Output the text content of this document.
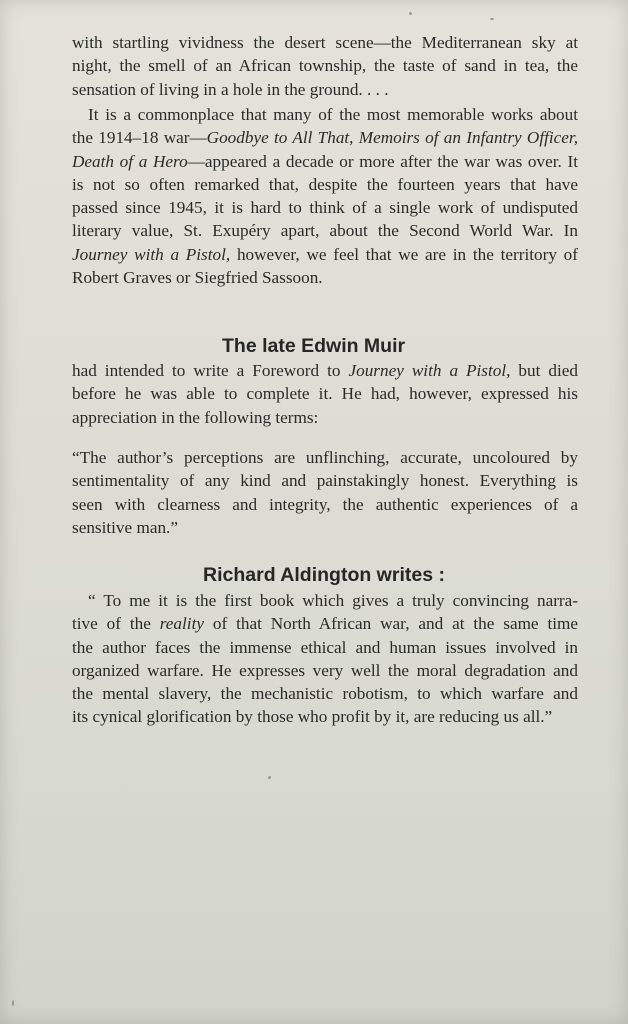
with startling vividness the desert scene—the Mediterranean sky at
night, the smell of an African township, the taste of sand in tea, the
sensation of living in a hole in the ground. . . .

It is a commonplace that many of the most memorable works about
the 1914–18 war—Goodbye to All That, Memoirs of an Infantry Officer,
Death of a Hero—appeared a decade or more after the war was over. It
is not so often remarked that, despite the fourteen years that have
passed since 1945, it is hard to think of a single work of undisputed
literary value, St. Exupéry apart, about the Second World War. In
Journey with a Pistol, however, we feel that we are in the territory of
Robert Graves or Siegfried Sassoon.

The late Edwin Muir

had intended to write a Foreword to Journey with a Pistol, but died
before he was able to complete it. He had, however, expressed his
appreciation in the following terms:

“The author’s perceptions are unflinching, accurate, uncoloured by
sentimentality of any kind and painstakingly honest. Everything is
seen with clearness and integrity, the authentic experiences of a
sensitive man.”

Richard Aldington writes :

“ To me it is the first book which gives a truly convincing narra-
tive of the reality of that North African war, and at the same time
the author faces the immense ethical and human issues involved in
organized warfare. He expresses very well the moral degradation and
the mental slavery, the mechanistic robotism, to which warfare and
its cynical glorification by those who profit by it, are reducing us all.”
